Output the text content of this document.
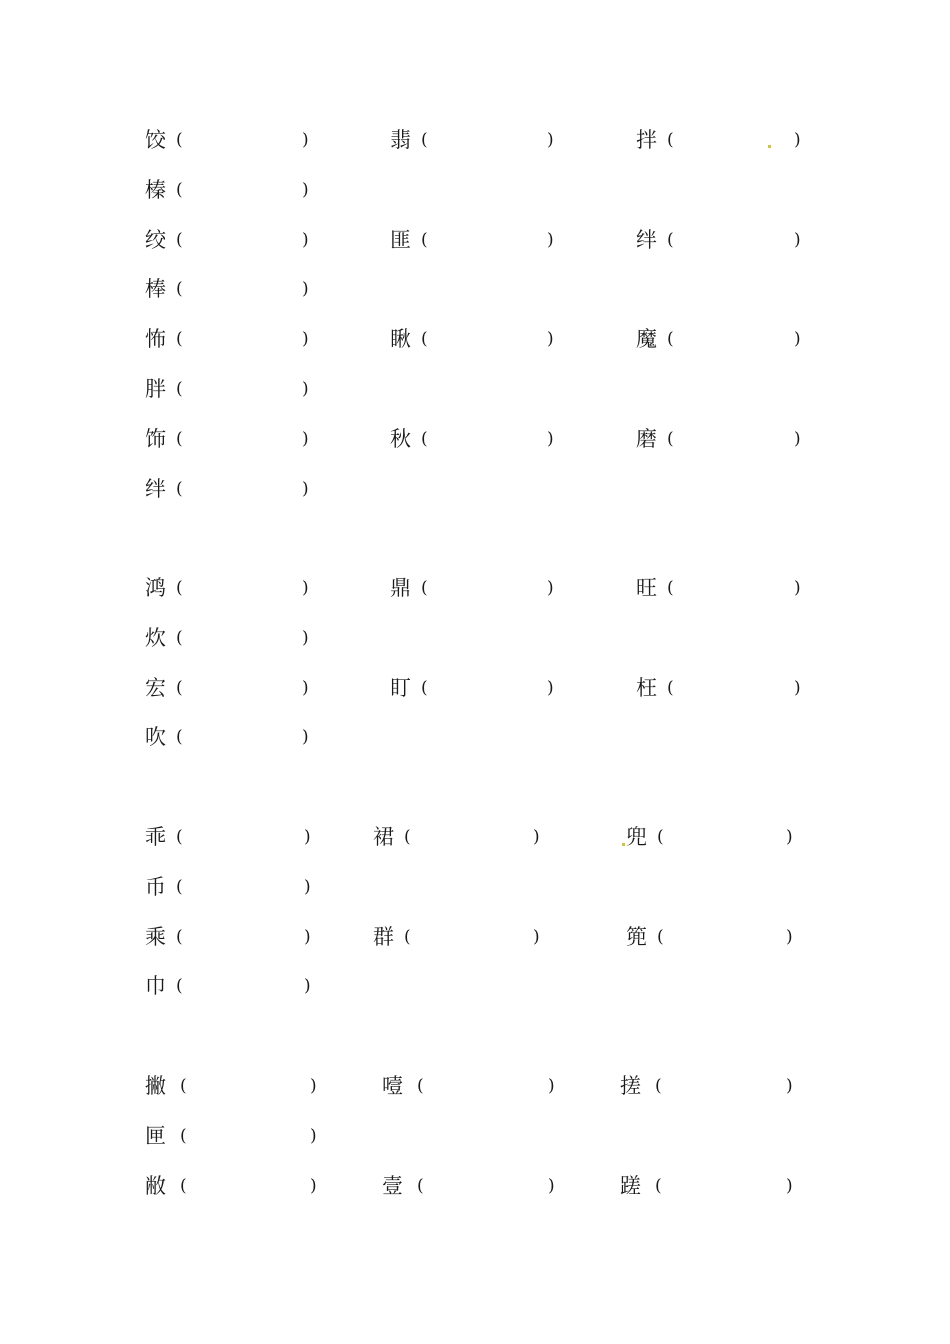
饺 (	)	翡 (	)	拌 (	)
榛 (	)
绞 (	)	匪 (	)	绊 (	)
棒 (	)
怖 (	)	瞅 (	)	魔 (	)
胖 (	)
饰 (	)	秋 (	)	磨 (	)
绊 (	)
鸿 (	)	鼎 (	)	旺 (	)
炊 (	)
宏 (	)	盯 (	)	枉 (	)
吹 (	)
乖 (	)	裙 (	)	兜 (	)
币 (	)
乘 (	)	群 (	)	篼 (	)
巾 (	)
撇 (	)	噎 (	)	搓 (	)
匣 (	)
敝 (	)	壹 (	)	蹉 (	)
